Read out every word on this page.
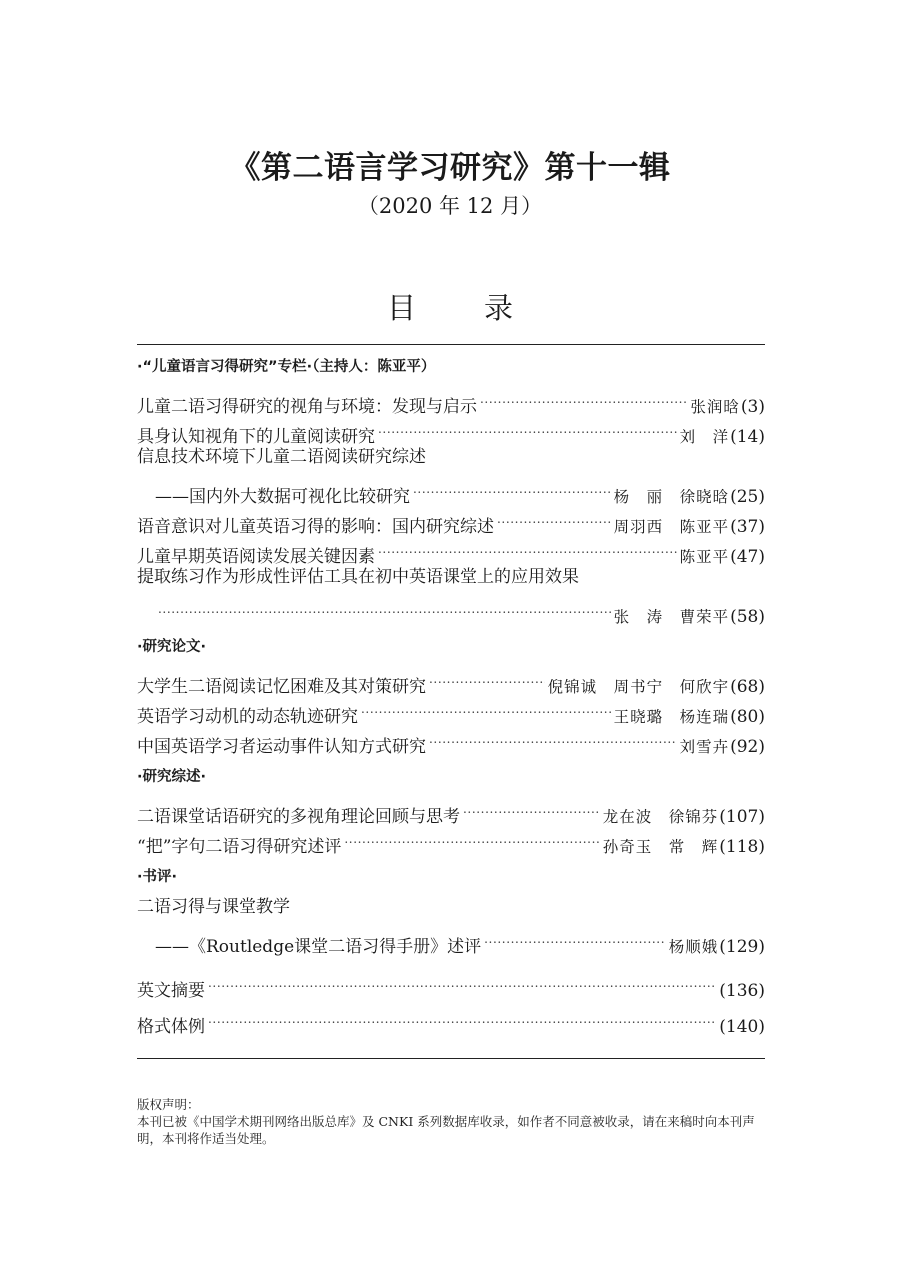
《第二语言学习研究》第十一辑
（2020 年 12 月）
目 录
·“儿童语言习得研究”专栏·（主持人：陈亚平）
儿童二语习得研究的视角与环境：发现与启示 .....	张润晗 (3)
具身认知视角下的儿童阅读研究 .....	刘　洋 (14)
信息技术环境下儿童二语阅读研究综述
——国内外大数据可视化比较研究 .....	杨　丽　徐晓晗 (25)
语音意识对儿童英语习得的影响：国内研究综述 .....	周羽西　陈亚平 (37)
儿童早期英语阅读发展关键因素 .....	陈亚平 (47)
提取练习作为形成性评估工具在初中英语课堂上的应用效果
.....
张　涛　曹荣平 (58)
·研究论文·
大学生二语阅读记忆困难及其对策研究 .....	倪锦诚　周书宁　何欣宇 (68)
英语学习动机的动态轨迹研究 .....	王晓璐　杨连瑞 (80)
中国英语学习者运动事件认知方式研究 .....	刘雪卉 (92)
·研究综述·
二语课堂话语研究的多视角理论回顾与思考 .....	龙在波　徐锦芬 (107)
“把”字句二语习得研究述评 .....	孙奇玉　常　辉 (118)
·书评·
二语习得与课堂教学
——《Routledge课堂二语习得手册》述评 .....	杨顺娥 (129)
英文摘要 .....	(136)
格式体例 .....	(140)
版权声明：
本刊已被《中国学术期刊网络出版总库》及 CNKI 系列数据库收录，如作者不同意被收录，请在来稿时向本刊声明，本刊将作适当处理。
